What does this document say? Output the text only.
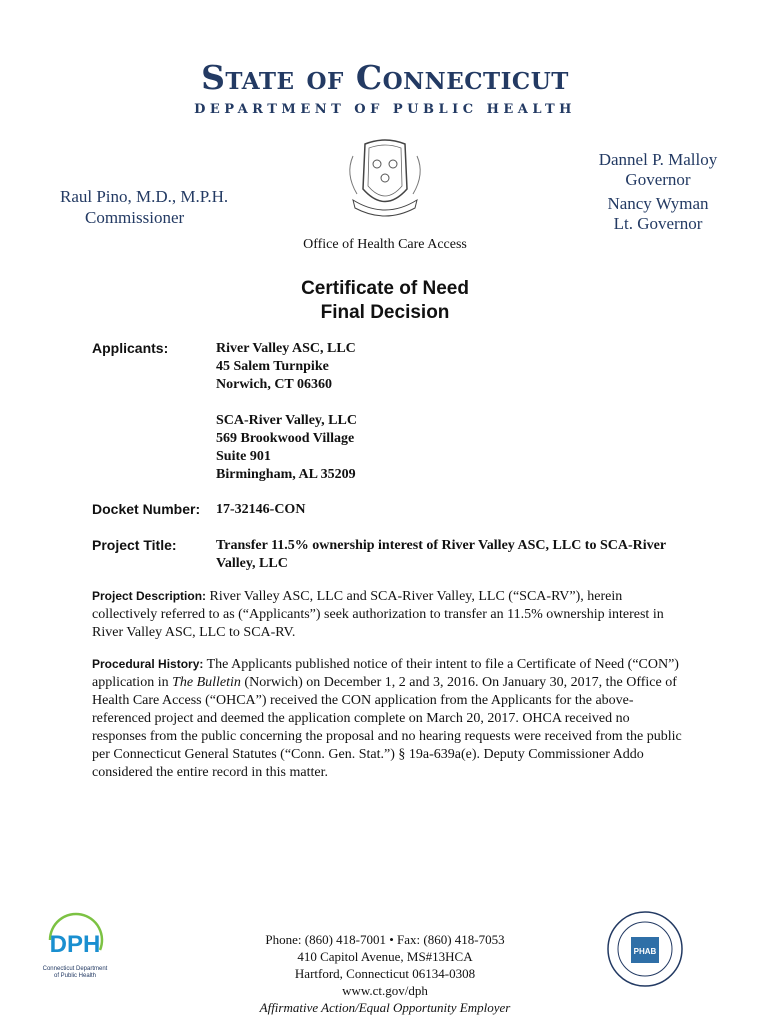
State of Connecticut
DEPARTMENT OF PUBLIC HEALTH
Raul Pino, M.D., M.P.H.
Commissioner
Dannel P. Malloy
Governor
Nancy Wyman
Lt. Governor
Office of Health Care Access
Certificate of Need
Final Decision
Applicants:	River Valley ASC, LLC
45 Salem Turnpike
Norwich, CT 06360
SCA-River Valley, LLC
569 Brookwood Village
Suite 901
Birmingham, AL 35209
Docket Number: 17-32146-CON
Project Title:	Transfer 11.5% ownership interest of River Valley ASC, LLC to SCA-River Valley, LLC
Project Description: River Valley ASC, LLC and SCA-River Valley, LLC (“SCA-RV”), herein collectively referred to as (“Applicants”) seek authorization to transfer an 11.5% ownership interest in River Valley ASC, LLC to SCA-RV.
Procedural History: The Applicants published notice of their intent to file a Certificate of Need (“CON”) application in The Bulletin (Norwich) on December 1, 2 and 3, 2016. On January 30, 2017, the Office of Health Care Access (“OHCA”) received the CON application from the Applicants for the above-referenced project and deemed the application complete on March 20, 2017. OHCA received no responses from the public concerning the proposal and no hearing requests were received from the public per Connecticut General Statutes (“Conn. Gen. Stat.”) § 19a-639a(e). Deputy Commissioner Addo considered the entire record in this matter.
DPH
Connecticut Department
of Public Health
Phone: (860) 418-7001 • Fax: (860) 418-7053
410 Capitol Avenue, MS#13HCA
Hartford, Connecticut 06134-0308
www.ct.gov/dph
Affirmative Action/Equal Opportunity Employer
PHAB
